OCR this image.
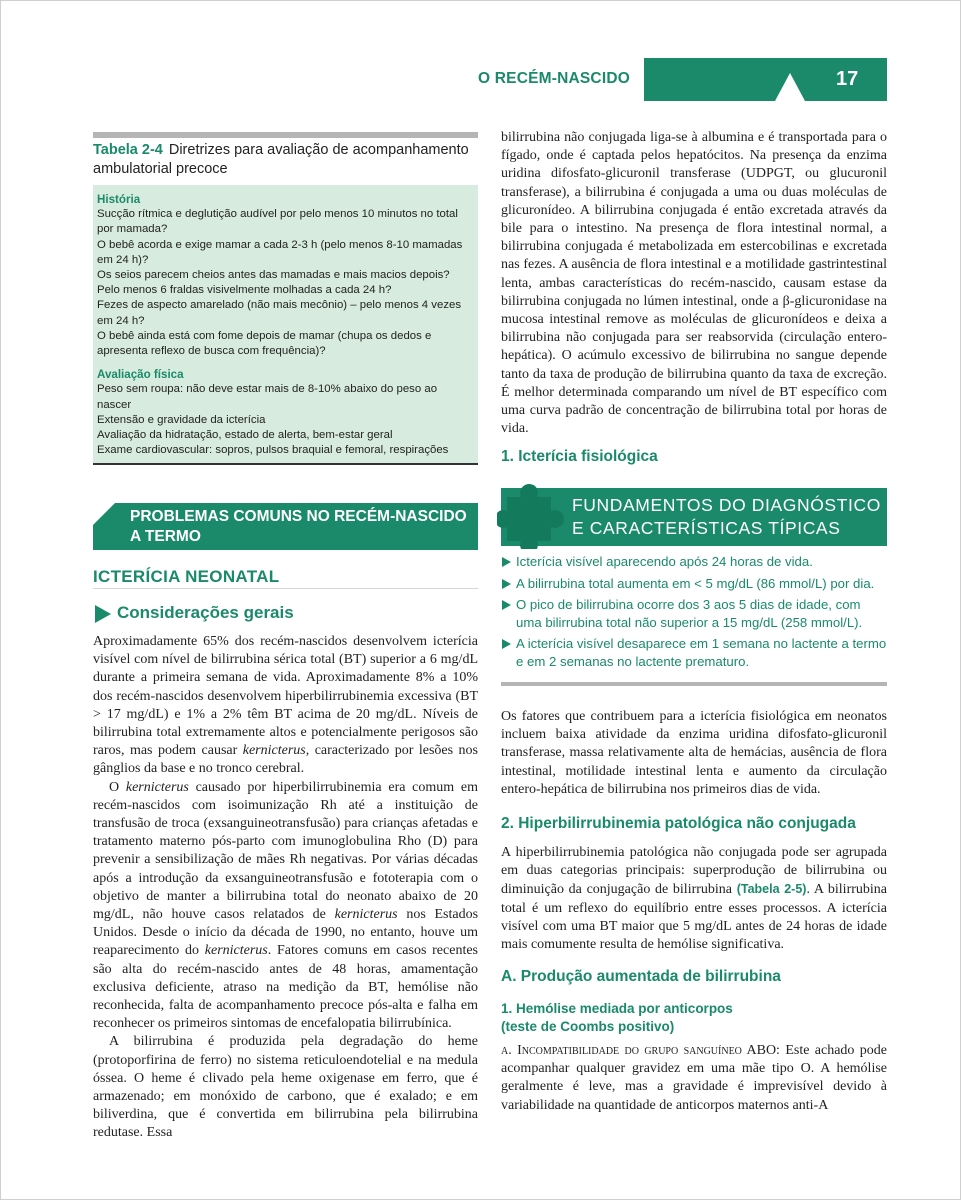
O RECÉM-NASCIDO	17
Tabela 2-4 Diretrizes para avaliação de acompanhamento ambulatorial precoce
História
Sucção rítmica e deglutição audível por pelo menos 10 minutos no total por mamada?
O bebê acorda e exige mamar a cada 2-3 h (pelo menos 8-10 mamadas em 24 h)?
Os seios parecem cheios antes das mamadas e mais macios depois?
Pelo menos 6 fraldas visivelmente molhadas a cada 24 h?
Fezes de aspecto amarelado (não mais mecônio) – pelo menos 4 vezes em 24 h?
O bebê ainda está com fome depois de mamar (chupa os dedos e apresenta reflexo de busca com frequência)?
Avaliação física
Peso sem roupa: não deve estar mais de 8-10% abaixo do peso ao nascer
Extensão e gravidade da icterícia
Avaliação da hidratação, estado de alerta, bem-estar geral
Exame cardiovascular: sopros, pulsos braquial e femoral, respirações
PROBLEMAS COMUNS NO RECÉM-NASCIDO A TERMO
ICTERÍCIA NEONATAL
Considerações gerais

Aproximadamente 65% dos recém-nascidos desenvolvem icterícia visível com nível de bilirrubina sérica total (BT) superior a 6 mg/dL durante a primeira semana de vida. Aproximadamente 8% a 10% dos recém-nascidos desenvolvem hiperbilirrubinemia excessiva (BT > 17 mg/dL) e 1% a 2% têm BT acima de 20 mg/dL. Níveis de bilirrubina total extremamente altos e potencialmente perigosos são raros, mas podem causar kernicterus, caracterizado por lesões nos gânglios da base e no tronco cerebral.

O kernicterus causado por hiperbilirrubinemia era comum em recém-nascidos com isoimunização Rh até a instituição de transfusão de troca (exsanguineotransfusão) para crianças afetadas e tratamento materno pós-parto com imunoglobulina Rho (D) para prevenir a sensibilização de mães Rh negativas. Por várias décadas após a introdução da exsanguineotransfusão e fototerapia com o objetivo de manter a bilirrubina total do neonato abaixo de 20 mg/dL, não houve casos relatados de kernicterus nos Estados Unidos. Desde o início da década de 1990, no entanto, houve um reaparecimento do kernicterus. Fatores comuns em casos recentes são alta do recém-nascido antes de 48 horas, amamentação exclusiva deficiente, atraso na medição da BT, hemólise não reconhecida, falta de acompanhamento precoce pós-alta e falha em reconhecer os primeiros sintomas de encefalopatia bilirrubínica.

A bilirrubina é produzida pela degradação do heme (protoporfirina de ferro) no sistema reticuloendotelial e na medula óssea. O heme é clivado pela heme oxigenase em ferro, que é armazenado; em monóxido de carbono, que é exalado; e em biliverdina, que é convertida em bilirrubina pela bilirrubina redutase. Essa

bilirrubina não conjugada liga-se à albumina e é transportada para o fígado, onde é captada pelos hepatócitos. Na presença da enzima uridina difosfato-glicuronil transferase (UDPGT, ou glucuronil transferase), a bilirrubina é conjugada a uma ou duas moléculas de glicuronídeo. A bilirrubina conjugada é então excretada através da bile para o intestino. Na presença de flora intestinal normal, a bilirrubina conjugada é metabolizada em estercobilinas e excretada nas fezes. A ausência de flora intestinal e a motilidade gastrintestinal lenta, ambas características do recém-nascido, causam estase da bilirrubina conjugada no lúmen intestinal, onde a β-glicuronidase na mucosa intestinal remove as moléculas de glicuronídeos e deixa a bilirrubina não conjugada para ser reabsorvida (circulação entero-hepática). O acúmulo excessivo de bilirrubina no sangue depende tanto da taxa de produção de bilirrubina quanto da taxa de excreção. É melhor determinada comparando um nível de BT específico com uma curva padrão de concentração de bilirrubina total por horas de vida.

1. Icterícia fisiológica
FUNDAMENTOS DO DIAGNÓSTICO E CARACTERÍSTICAS TÍPICAS
Icterícia visível aparecendo após 24 horas de vida.
A bilirrubina total aumenta em < 5 mg/dL (86 mmol/L) por dia.
O pico de bilirrubina ocorre dos 3 aos 5 dias de idade, com uma bilirrubina total não superior a 15 mg/dL (258 mmol/L).
A icterícia visível desaparece em 1 semana no lactente a termo e em 2 semanas no lactente prematuro.

Os fatores que contribuem para a icterícia fisiológica em neonatos incluem baixa atividade da enzima uridina difosfato-glicuronil transferase, massa relativamente alta de hemácias, ausência de flora intestinal, motilidade intestinal lenta e aumento da circulação entero-hepática de bilirrubina nos primeiros dias de vida.

2. Hiperbilirrubinemia patológica não conjugada

A hiperbilirrubinemia patológica não conjugada pode ser agrupada em duas categorias principais: superprodução de bilirrubina ou diminuição da conjugação de bilirrubina (Tabela 2-5). A bilirrubina total é um reflexo do equilíbrio entre esses processos. A icterícia visível com uma BT maior que 5 mg/dL antes de 24 horas de idade mais comumente resulta de hemólise significativa.

A. Produção aumentada de bilirrubina
1. Hemólise mediada por anticorpos (teste de Coombs positivo)

a. Incompatibilidade do grupo sanguíneo ABO: Este achado pode acompanhar qualquer gravidez em uma mãe tipo O. A hemólise geralmente é leve, mas a gravidade é imprevisível devido à variabilidade na quantidade de anticorpos maternos anti-A
